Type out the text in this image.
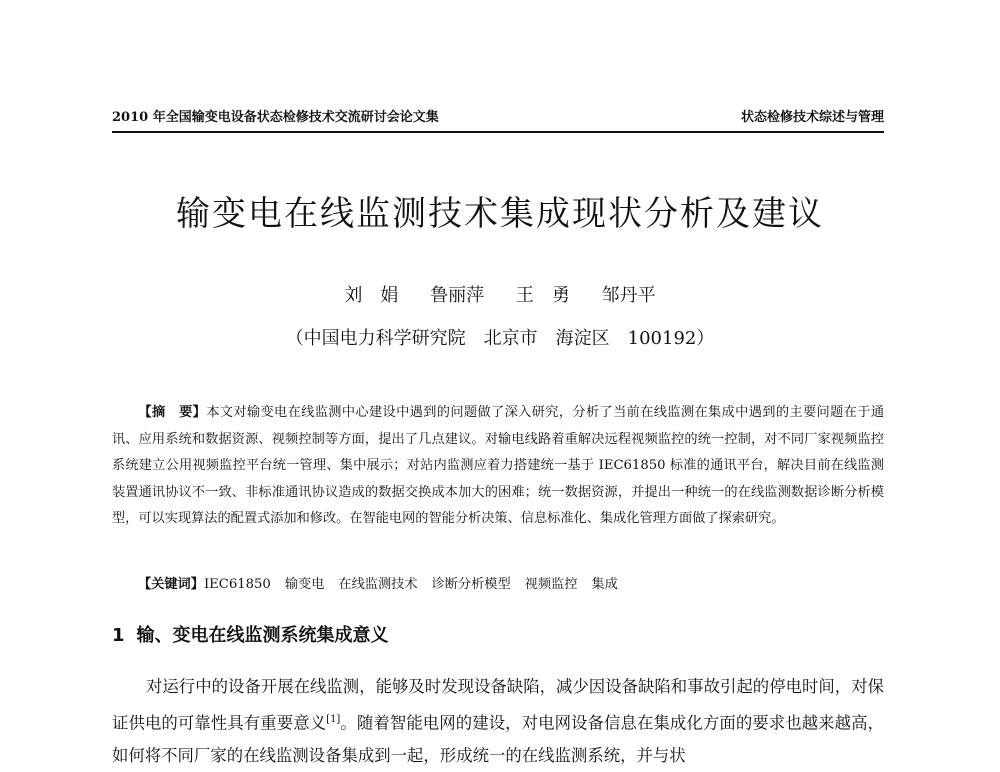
2010 年全国输变电设备状态检修技术交流研讨会论文集	状态检修技术综述与管理
输变电在线监测技术集成现状分析及建议
刘　娟 鲁丽萍 王　勇 邹丹平
（中国电力科学研究院　北京市　海淀区　100192）
【摘　要】本文对输变电在线监测中心建设中遇到的问题做了深入研究，分析了当前在线监测在集成中遇到的主要问题在于通讯、应用系统和数据资源、视频控制等方面，提出了几点建议。对输电线路着重解决远程视频监控的统一控制，对不同厂家视频监控系统建立公用视频监控平台统一管理、集中展示；对站内监测应着力搭建统一基于 IEC61850 标准的通讯平台，解决目前在线监测装置通讯协议不一致、非标准通讯协议造成的数据交换成本加大的困难；统一数据资源，并提出一种统一的在线监测数据诊断分析模型，可以实现算法的配置式添加和修改。在智能电网的智能分析决策、信息标准化、集成化管理方面做了探索研究。
【关键词】IEC61850 输变电 在线监测技术 诊断分析模型 视频监控 集成
1 输、变电在线监测系统集成意义
对运行中的设备开展在线监测，能够及时发现设备缺陷，减少因设备缺陷和事故引起的停电时间，对保证供电的可靠性具有重要意义[1]。随着智能电网的建设，对电网设备信息在集成化方面的要求也越来越高，如何将不同厂家的在线监测设备集成到一起，形成统一的在线监测系统，并与状
